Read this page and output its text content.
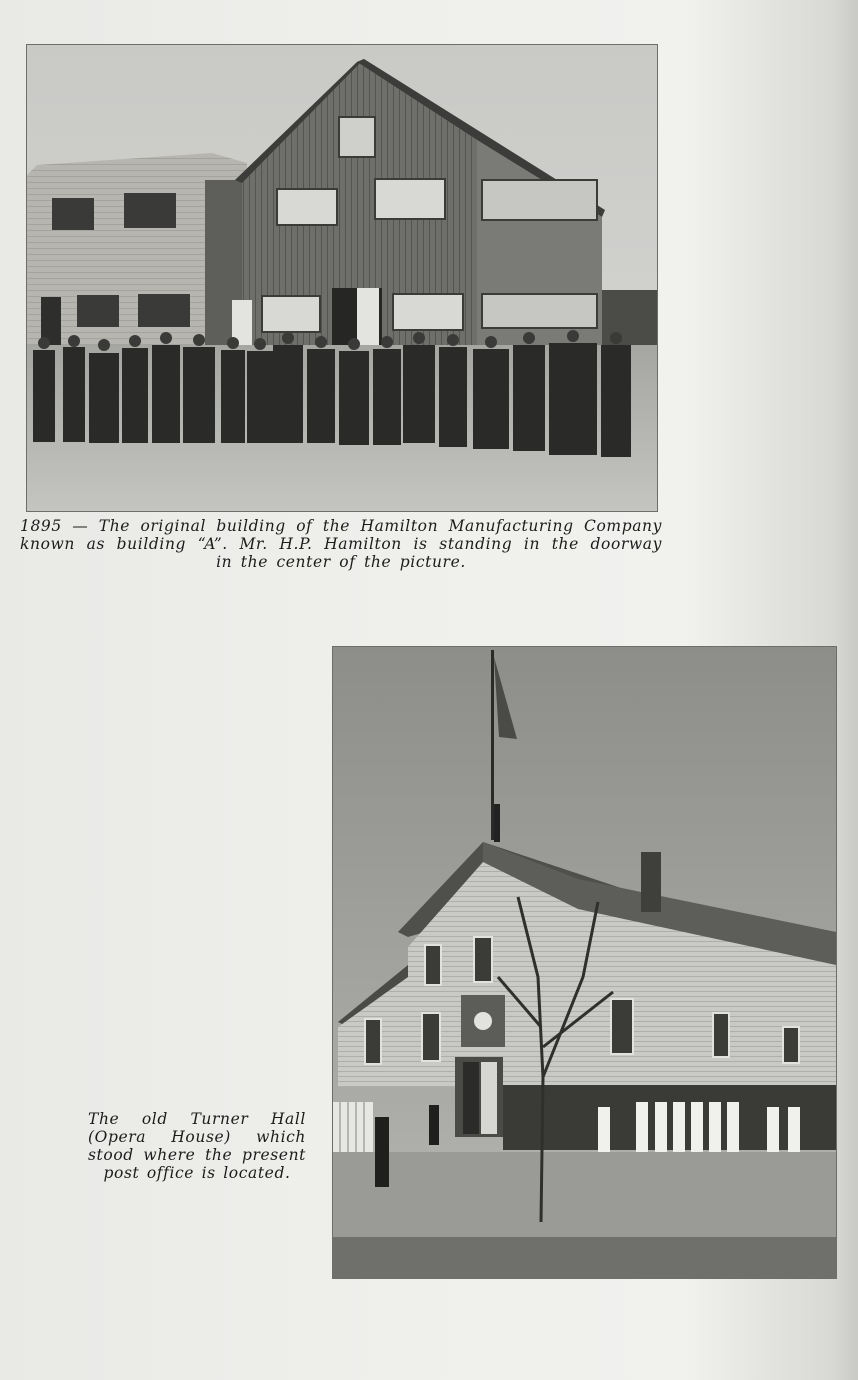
1895 — The original building of the Hamilton Manufacturing Company
known as building “A”. Mr. H.P. Hamilton is standing in the doorway
in the center of the picture.
The old Turner Hall
(Opera House) which
stood where the present
post office is located.
